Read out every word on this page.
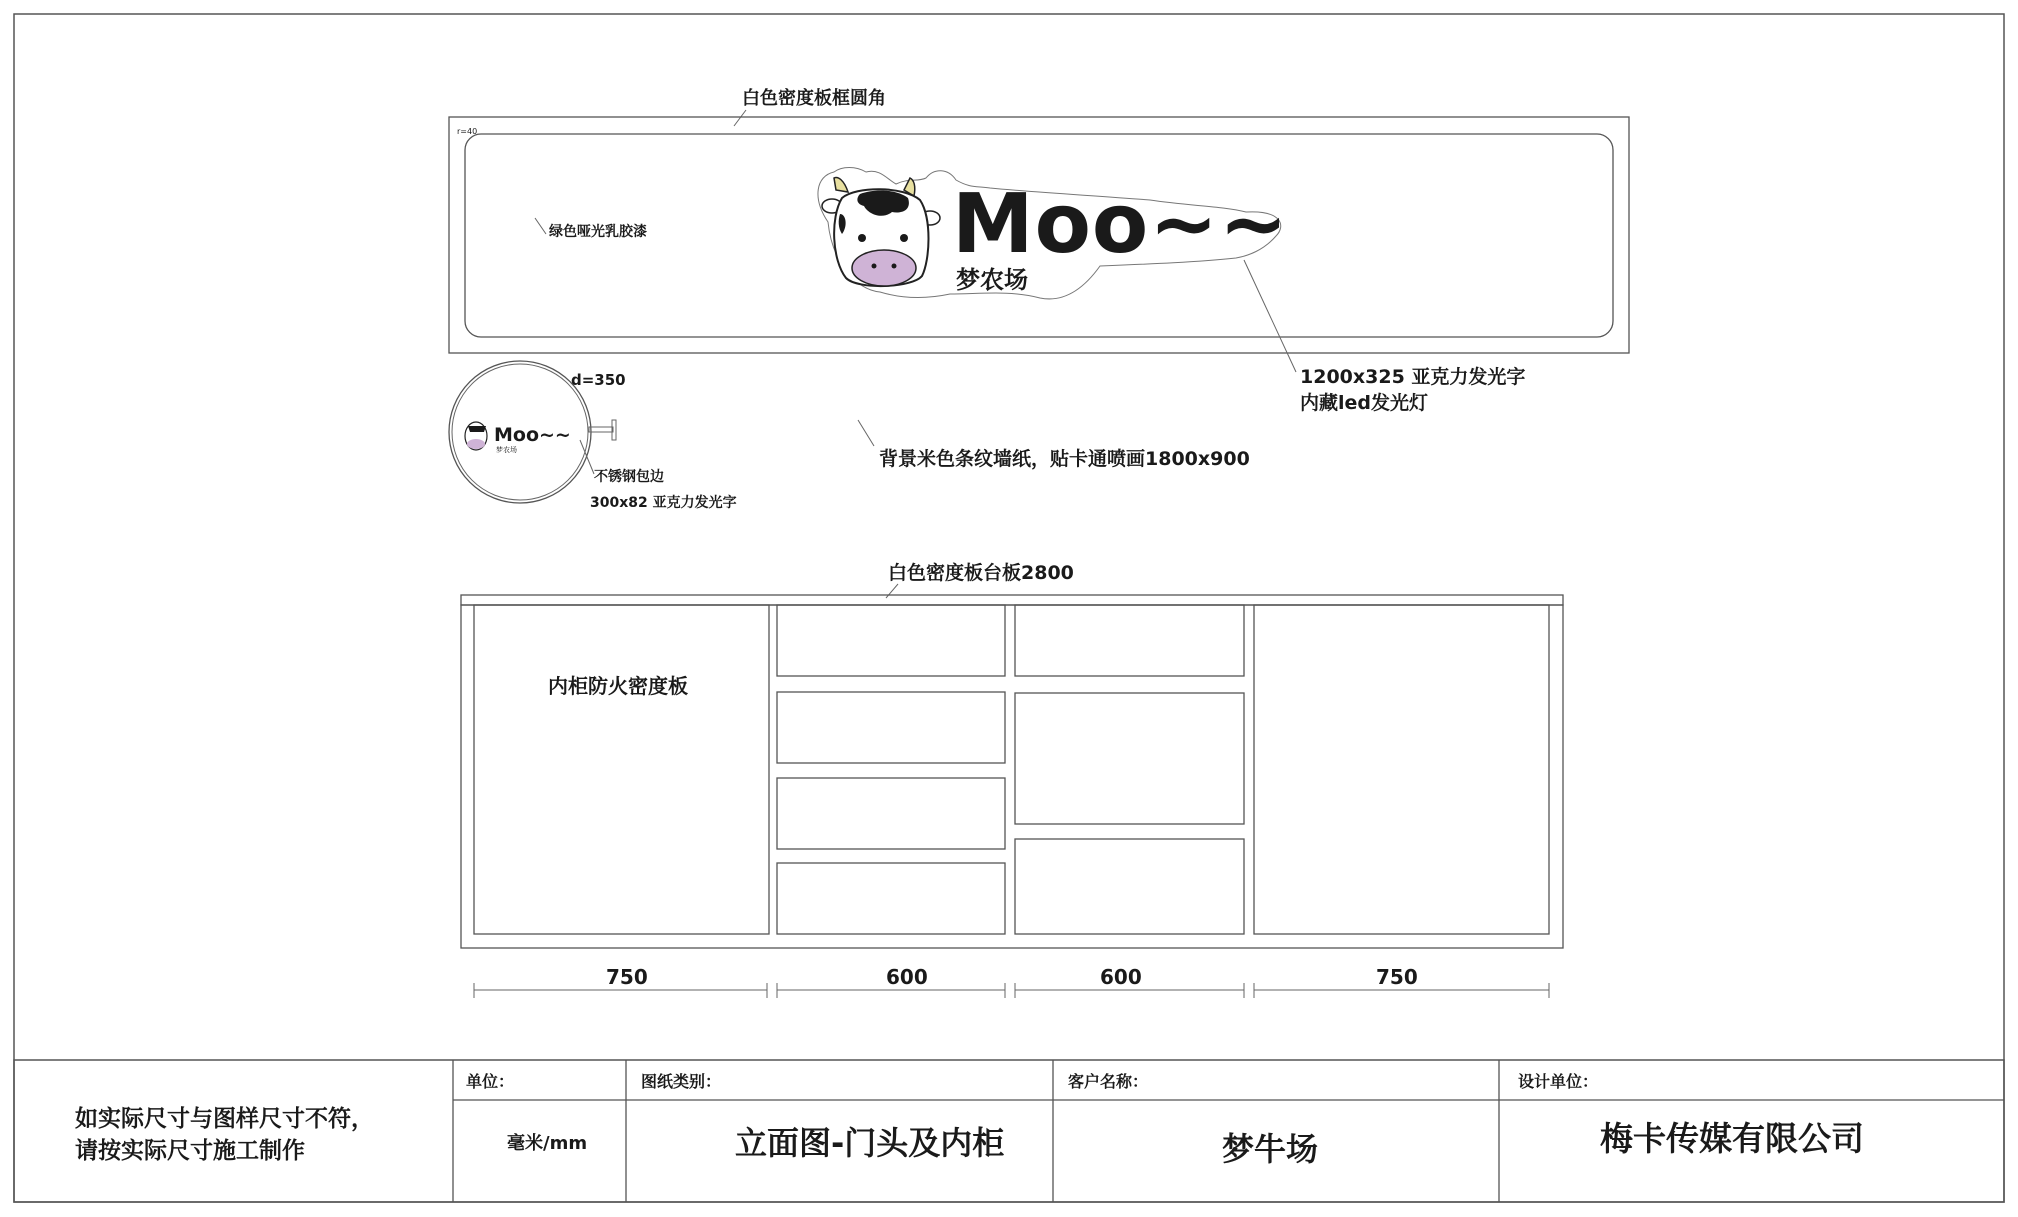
白色密度板框圆角
r=40
绿色哑光乳胶漆	Moo~~
梦农场
1200x325 亚克力发光字
内藏led发光灯
Moo~~
梦农场
d=350
不锈钢包边
300x82 亚克力发光字
背景米色条纹墙纸，贴卡通喷画1800x900
白色密度板台板2800
内柜防火密度板
750	600	600	750
如实际尺寸与图样尺寸不符，
请按实际尺寸施工制作
单位：
毫米/mm
图纸类别：
立面图-门头及内柜
客户名称：
梦牛场
设计单位：
梅卡传媒有限公司
